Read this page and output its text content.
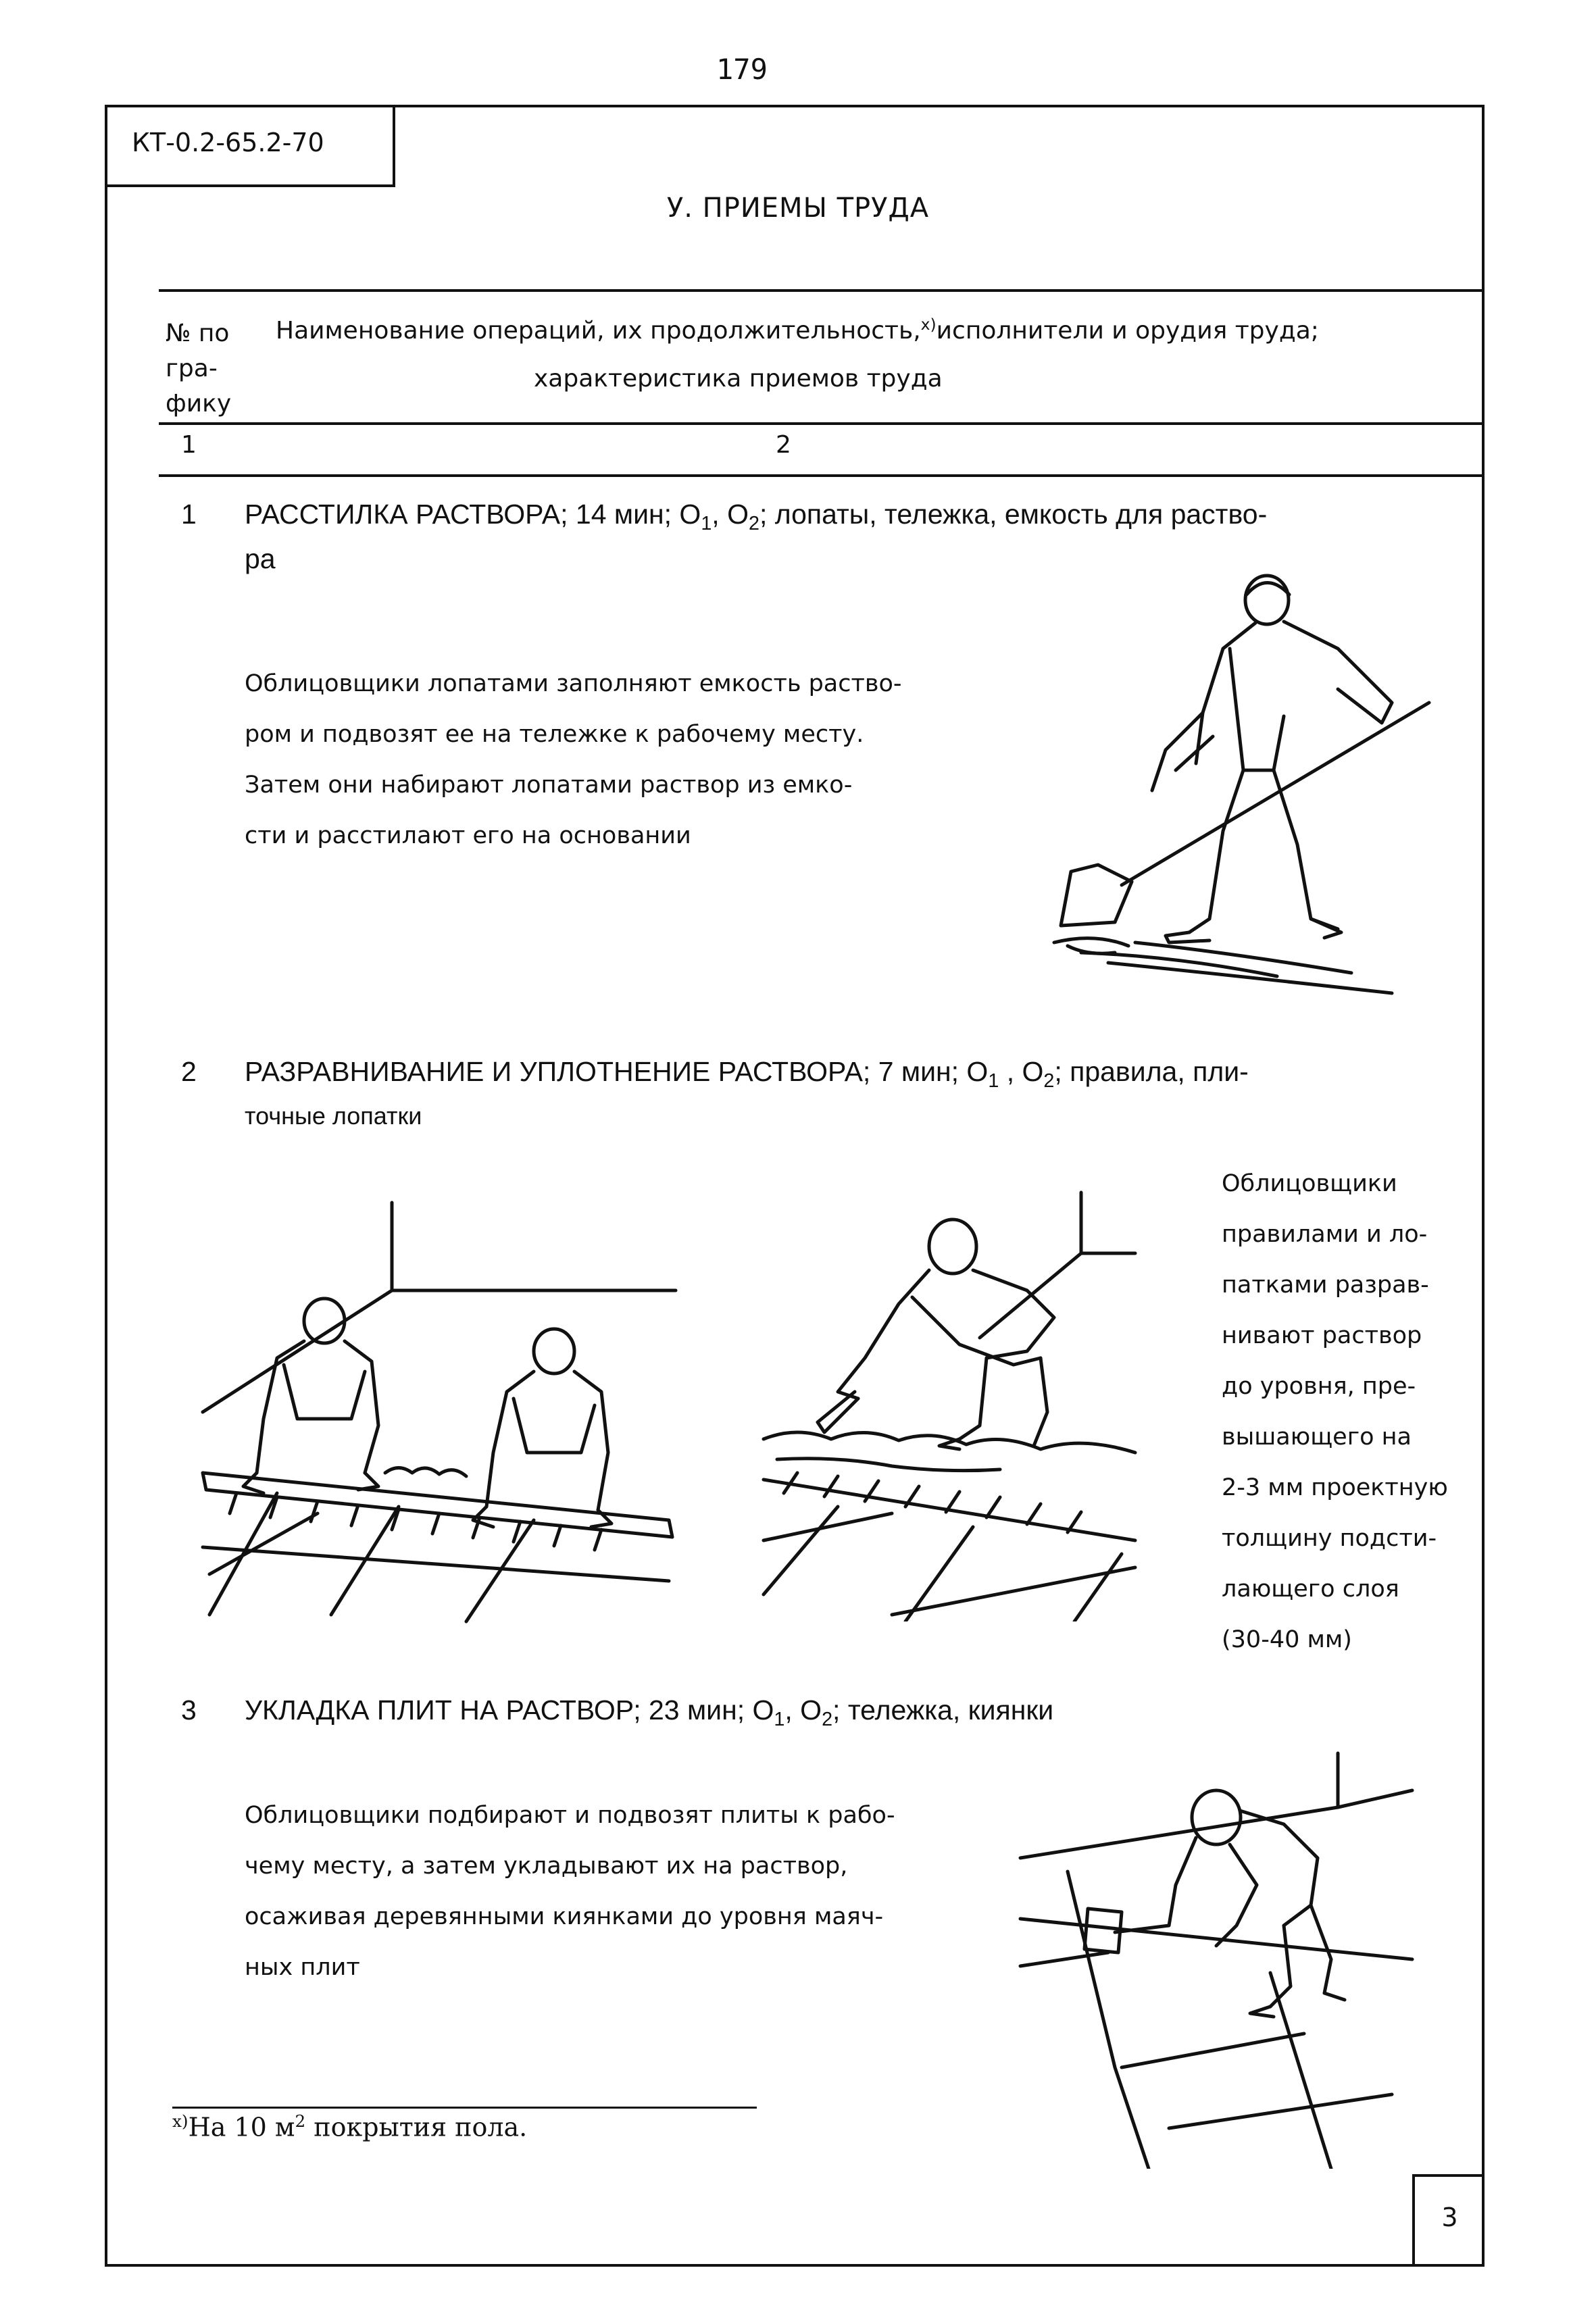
179
КТ-0.2-65.2-70
У. ПРИЕМЫ ТРУДА
№ по
гра-
фику
Наименование операций, их продолжительность,$^{х)}$исполнители и орудия труда;
характеристика приемов труда
1	2
1 РАССТИЛКА РАСТВОРА; 14 мин; $О_1$, $О_2$; лопаты, тележка, емкость для раство-
ра
Облицовщики лопатами заполняют емкость раство-
ром и подвозят ее на тележке к рабочему месту.
Затем они набирают лопатами раствор из емко-
сти и расстилают его на основании
2 РАЗРАВНИВАНИЕ И УПЛОТНЕНИЕ РАСТВОРА; 7 мин; $О_1$ , $О_2$; правила, пли-
точные лопатки
Облицовщики
правилами и ло-
патками разрав-
нивают раствор
до уровня, пре-
вышающего на
2-3 мм проектную
толщину подсти-
лающего слоя
(30-40 мм)
3 УКЛАДКА ПЛИТ НА РАСТВОР; 23 мин; $О_1$, $О_2$; тележка, киянки
Облицовщики подбирают и подвозят плиты к рабо-
чему месту, а затем укладывают их на раствор,
осаживая деревянными киянками до уровня маяч-
ных плит
$^{х)}$На 10 $м^2$ покрытия пола.
3
